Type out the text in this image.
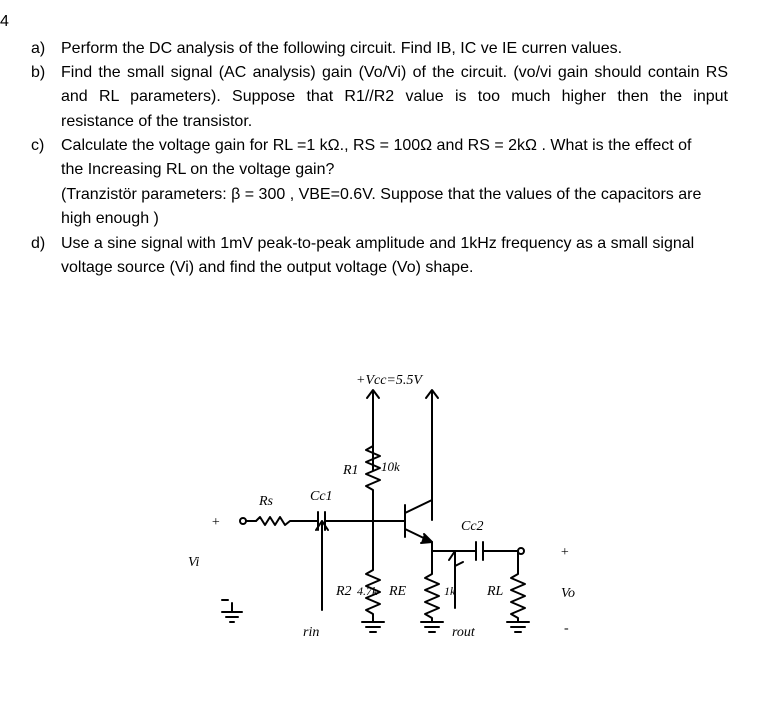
4
a) Perform the DC analysis of the following circuit. Find IB, IC ve IE curren values.
b) Find the small signal (AC analysis) gain (Vo/Vi) of the circuit. (vo/vi gain should contain RS
and RL parameters). Suppose that R1//R2 value is too much higher then the input
resistance of the transistor.
c) Calculate the voltage gain for RL =1 kΩ., RS = 100Ω and RS = 2kΩ . What is the effect of
the Increasing RL on the voltage gain?
(Tranzistör parameters: β = 300 , VBE=0.6V. Suppose that the values of the capacitors are
high enough )
d) Use a sine signal with 1mV peak-to-peak amplitude and 1kHz frequency as a small signal
voltage source (Vi) and find the output voltage (Vo) shape.
+Vcc=5.5V
R1 10k
Rs	Cc1
Cc2
+
Vi
R2 4.7k RE	1k RL
rin	rout
Vo
+
-
